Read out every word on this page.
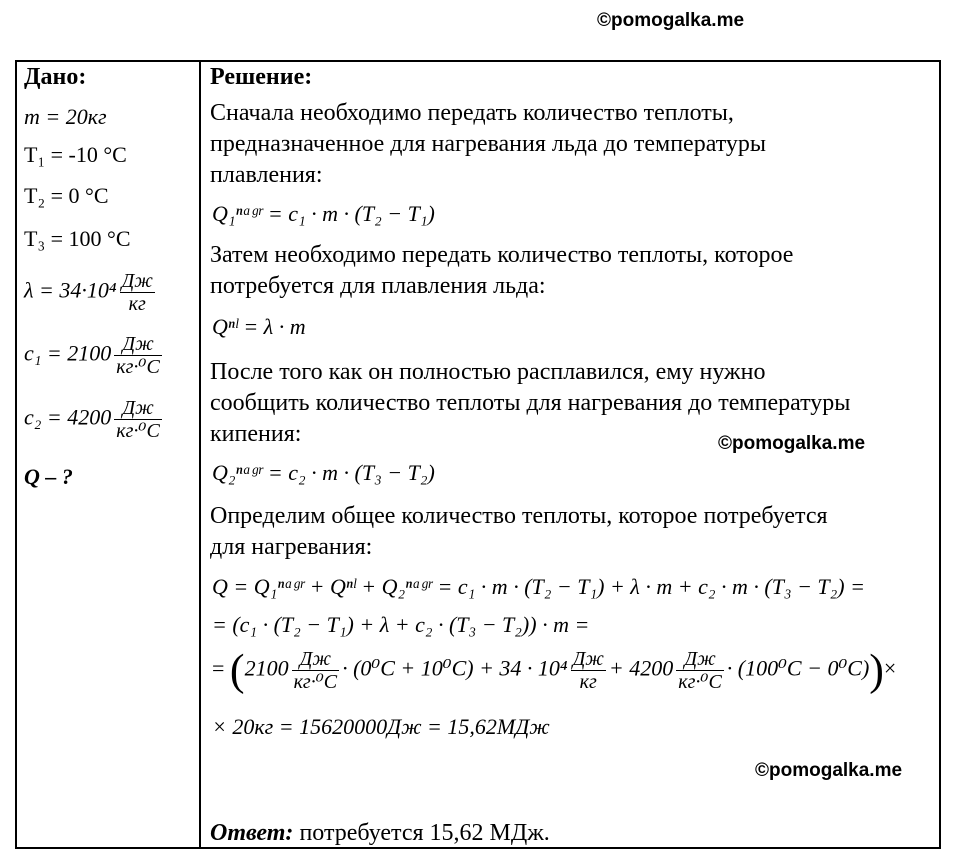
©pomogalka.me
©pomogalka.me
©pomogalka.me
Дано:	Решение:
m = 20кг
T₁ = -10 °C
T₂ = 0 °C
T₃ = 100 °C
$\lambda = 34\cdot 10^4 \frac{Дж}{кг}$
$c_1 = 2100 \frac{Дж}{\text{кг·⁰C}}$
$c_2 = 4200 \frac{Дж}{\text{кг·⁰C}}$
Q – ?
Сначала необходимо передать количество теплоты,
предназначенное для нагревания льда до температуры
плавления:
Q₁ⁿᵃᵍʳ = c₁ · m · (T₂ − T₁)
Затем необходимо передать количество теплоты, которое
потребуется для плавления льда:
Qⁿˡ = λ · m
После того как он полностью расплавился, ему нужно
сообщить количество теплоты для нагревания до температуры
кипения:
Q₂ⁿᵃᵍʳ = c₂ · m · (T₃ − T₂)
Определим общее количество теплоты, которое потребуется
для нагревания:
Q = Q₁ⁿᵃᵍʳ + Qⁿˡ + Q₂ⁿᵃᵍʳ = c₁ · m · (T₂ − T₁) + λ · m + c₂ · m · (T₃ − T₂) =
= (c₁ · (T₂ − T₁) + λ + c₂ · (T₃ − T₂)) · m =
= $(2100 \frac{Дж}{\text{кг·⁰C}} \cdot (0^0C + 10^0C) + 34 \cdot 10^4 \frac{Дж}{кг} + 4200 \frac{Дж}{\text{кг·⁰C}} \cdot (100^0C - 0^0C))\times$
× 20кг = 15620000Дж = 15,62МДж
Ответ: потребуется 15,62 МДж.
